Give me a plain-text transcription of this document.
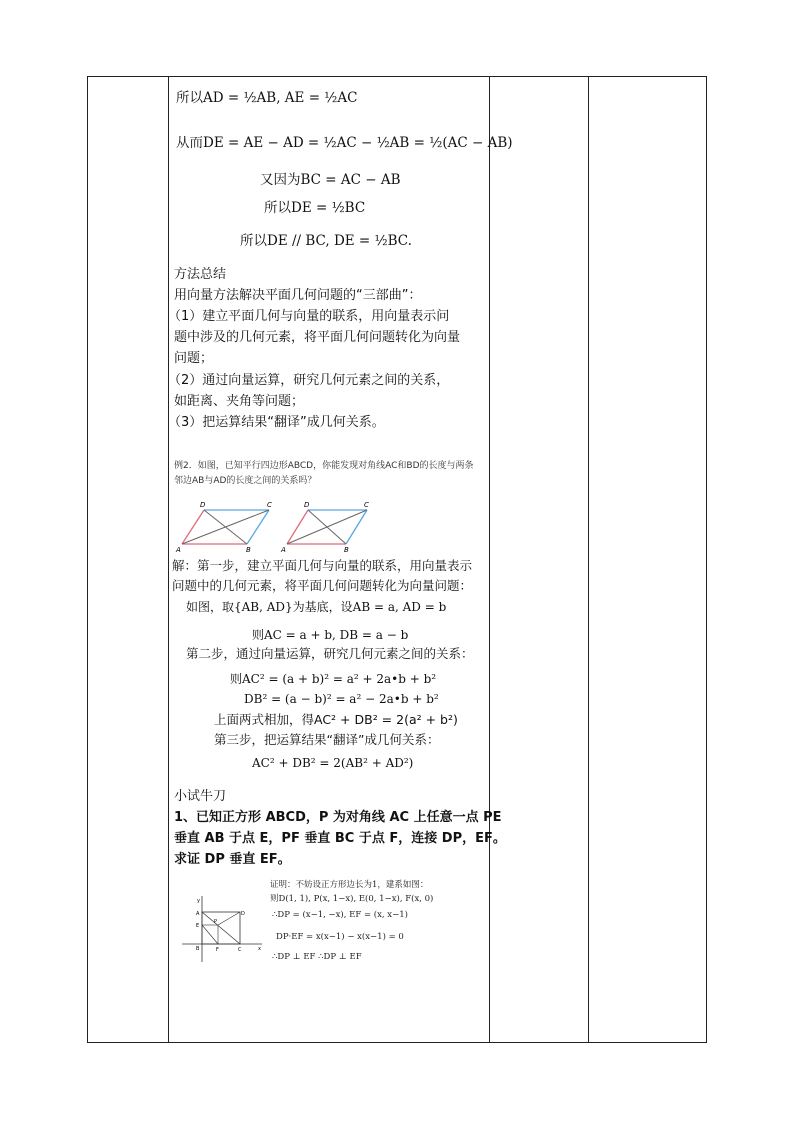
所以AD = ½AB, AE = ½AC
从而DE = AE − AD = ½AC − ½AB = ½(AC − AB)
又因为BC = AC − AB
所以DE = ½BC
所以DE // BC, DE = ½BC.
方法总结
用向量方法解决平面几何问题的“三部曲”：
（1）建立平面几何与向量的联系，用向量表示问
题中涉及的几何元素，将平面几何问题转化为向量
问题；
（2）通过向量运算，研究几何元素之间的关系，
如距离、夹角等问题；
（3）把运算结果“翻译”成几何关系。
例2．如图，已知平行四边形ABCD，你能发现对角线AC和BD的长度与两条
邻边AB与AD的长度之间的关系吗？
A	B
C
D
A	B
C
D
解：第一步，建立平面几何与向量的联系，用向量表示
问题中的几何元素，将平面几何问题转化为向量问题：
如图，取{AB, AD}为基底，设AB = a, AD = b
则AC = a + b, DB = a − b
第二步，通过向量运算，研究几何元素之间的关系：
则AC² = (a + b)² = a² + 2a•b + b²
DB² = (a − b)² = a² − 2a•b + b²
上面两式相加，得AC² + DB² = 2(a² + b²)
第三步，把运算结果“翻译”成几何关系：
AC² + DB² = 2(AB² + AD²)
小试牛刀
1、已知正方形 ABCD，P 为对角线 AC 上任意一点 PE
垂直 AB 于点 E，PF 垂直 BC 于点 F，连接 DP，EF。
求证 DP 垂直 EF。
y
x
A	D
P
E
B	F	C
证明：不妨设正方形边长为1，建系如图：
则D(1, 1), P(x, 1−x), E(0, 1−x), F(x, 0)
∴DP = (x−1, −x), EF = (x, x−1)
DP·EF = x(x−1) − x(x−1) = 0
∴DP ⊥ EF ∴DP ⊥ EF
